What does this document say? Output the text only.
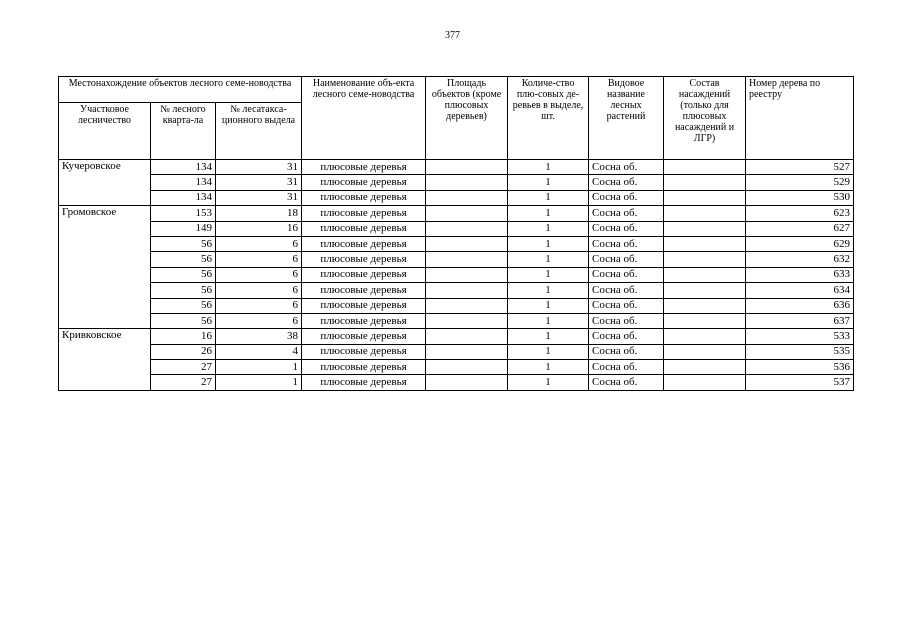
377
Местонахождение объектов лесного семе-новодства			Наименование объ-екта лесного семе-новодства	Площадь объектов (кроме плюсовых деревьев)	Количе-ство плю-совых де-ревьев в выделе, шт.	Видовое название лесных растений	Состав насаждений (только для плюсовых насаждений и ЛГР)	Номер дерева по реестру
Участковое лесничество	№ лесного кварта-ла	№ лесатакса-ционного выдела						
Кучеровское	134	31	плюсовые деревья		1	Сосна об.		527
	134	31	плюсовые деревья		1	Сосна об.		529
	134	31	плюсовые деревья		1	Сосна об.		530
Громовское	153	18	плюсовые деревья		1	Сосна об.		623
	149	16	плюсовые деревья		1	Сосна об.		627
	56	6	плюсовые деревья		1	Сосна об.		629
	56	6	плюсовые деревья		1	Сосна об.		632
	56	6	плюсовые деревья		1	Сосна об.		633
	56	6	плюсовые деревья		1	Сосна об.		634
	56	6	плюсовые деревья		1	Сосна об.		636
	56	6	плюсовые деревья		1	Сосна об.		637
Кривковское	16	38	плюсовые деревья		1	Сосна об.		533
	26	4	плюсовые деревья		1	Сосна об.		535
	27	1	плюсовые деревья		1	Сосна об.		536
	27	1	плюсовые деревья		1	Сосна об.		537
